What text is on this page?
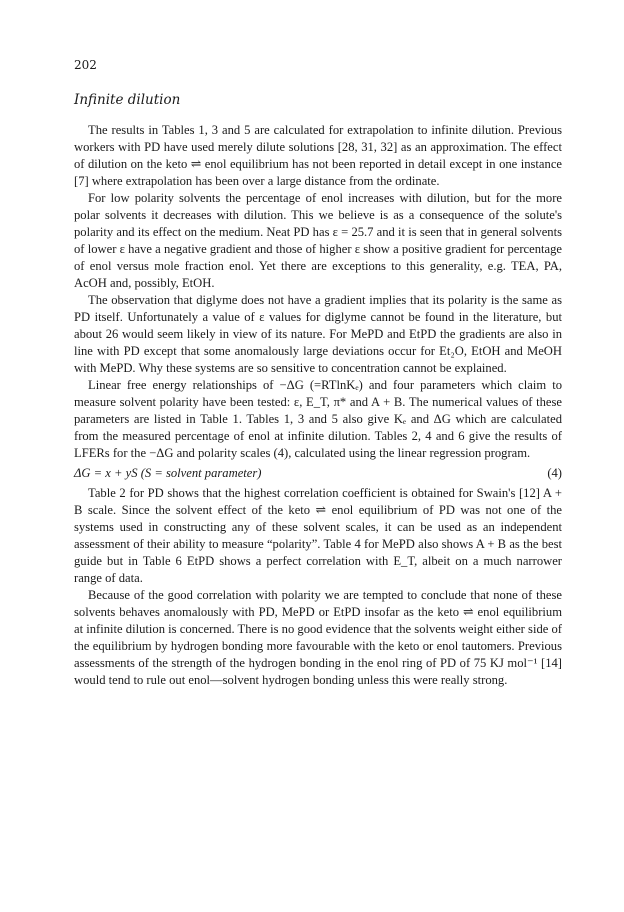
202
Infinite dilution

The results in Tables 1, 3 and 5 are calculated for extrapolation to infinite dilution. Previous workers with PD have used merely dilute solutions [28, 31, 32] as an approximation. The effect of dilution on the keto ⇌ enol equilibrium has not been reported in detail except in one instance [7] where extrapolation has been over a large distance from the ordinate.

For low polarity solvents the percentage of enol increases with dilution, but for the more polar solvents it decreases with dilution. This we believe is as a consequence of the solute's polarity and its effect on the medium. Neat PD has ε = 25.7 and it is seen that in general solvents of lower ε have a negative gradient and those of higher ε show a positive gradient for percentage of enol versus mole fraction enol. Yet there are exceptions to this generality, e.g. TEA, PA, AcOH and, possibly, EtOH.

The observation that diglyme does not have a gradient implies that its polarity is the same as PD itself. Unfortunately a value of ε values for diglyme cannot be found in the literature, but about 26 would seem likely in view of its nature. For MePD and EtPD the gradients are also in line with PD except that some anomalously large deviations occur for Et₂O, EtOH and MeOH with MePD. Why these systems are so sensitive to concentration cannot be explained.

Linear free energy relationships of −ΔG (=RTlnKₑ) and four parameters which claim to measure solvent polarity have been tested: ε, E_T, π* and A + B. The numerical values of these parameters are listed in Table 1. Tables 1, 3 and 5 also give Kₑ and ΔG which are calculated from the measured percentage of enol at infinite dilution. Tables 2, 4 and 6 give the results of LFERs for the −ΔG and polarity scales (4), calculated using the linear regression program.

ΔG = x + yS (S = solvent parameter)	(4)

Table 2 for PD shows that the highest correlation coefficient is obtained for Swain's [12] A + B scale. Since the solvent effect of the keto ⇌ enol equilibrium of PD was not one of the systems used in constructing any of these solvent scales, it can be used as an independent assessment of their ability to measure “polarity”. Table 4 for MePD also shows A + B as the best guide but in Table 6 EtPD shows a perfect correlation with E_T, albeit on a much narrower range of data.

Because of the good correlation with polarity we are tempted to conclude that none of these solvents behaves anomalously with PD, MePD or EtPD insofar as the keto ⇌ enol equilibrium at infinite dilution is concerned. There is no good evidence that the solvents weight either side of the equilibrium by hydrogen bonding more favourable with the keto or enol tautomers. Previous assessments of the strength of the hydrogen bonding in the enol ring of PD of 75 KJ mol⁻¹ [14] would tend to rule out enol—solvent hydrogen bonding unless this were really strong.
